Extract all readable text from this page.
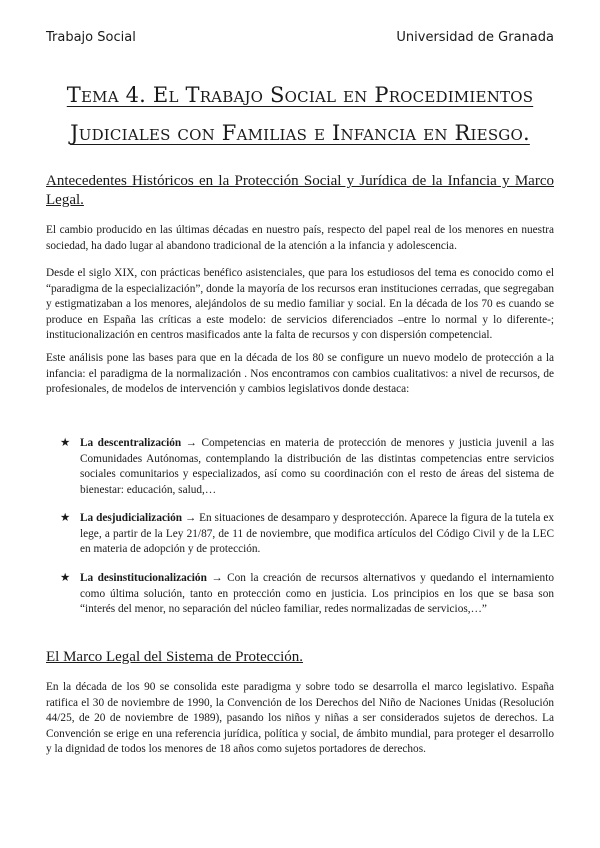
Trabajo Social	Universidad de Granada
Tema 4. El Trabajo Social en Procedimientos Judiciales con Familias e Infancia en Riesgo.
Antecedentes Históricos en la Protección Social y Jurídica de la Infancia y Marco Legal.
El cambio producido en las últimas décadas en nuestro país, respecto del papel real de los menores en nuestra sociedad, ha dado lugar al abandono tradicional de la atención a la infancia y adolescencia.
Desde el siglo XIX, con prácticas benéfico asistenciales, que para los estudiosos del tema es conocido como el “paradigma de la especialización”, donde la mayoría de los recursos eran instituciones cerradas, que segregaban y estigmatizaban a los menores, alejándolos de su medio familiar y social. En la década de los 70 es cuando se produce en España las críticas a este modelo: de servicios diferenciados –entre lo normal y lo diferente-; institucionalización en centros masificados ante la falta de recursos y con dispersión competencial.
Este análisis pone las bases para que en la década de los 80 se configure un nuevo modelo de protección a la infancia: el paradigma de la normalización . Nos encontramos con cambios cualitativos: a nivel de recursos, de profesionales, de modelos de intervención y cambios legislativos donde destaca:
★ La descentralización → Competencias en materia de protección de menores y justicia juvenil a las Comunidades Autónomas, contemplando la distribución de las distintas competencias entre servicios sociales comunitarios y especializados, así como su coordinación con el resto de áreas del sistema de bienestar: educación, salud,…
★ La desjudicialización → En situaciones de desamparo y desprotección. Aparece la figura de la tutela ex lege, a partir de la Ley 21/87, de 11 de noviembre, que modifica artículos del Código Civil y de la LEC en materia de adopción y de protección.
★ La desinstitucionalización → Con la creación de recursos alternativos y quedando el internamiento como última solución, tanto en protección como en justicia. Los principios en los que se basa son “interés del menor, no separación del núcleo familiar, redes normalizadas de servicios,…”
El Marco Legal del Sistema de Protección.
En la década de los 90 se consolida este paradigma y sobre todo se desarrolla el marco legislativo. España ratifica el 30 de noviembre de 1990, la Convención de los Derechos del Niño de Naciones Unidas (Resolución 44/25, de 20 de noviembre de 1989), pasando los niños y niñas a ser considerados sujetos de derechos. La Convención se erige en una referencia jurídica, política y social, de ámbito mundial, para proteger el desarrollo y la dignidad de todos los menores de 18 años como sujetos portadores de derechos.
